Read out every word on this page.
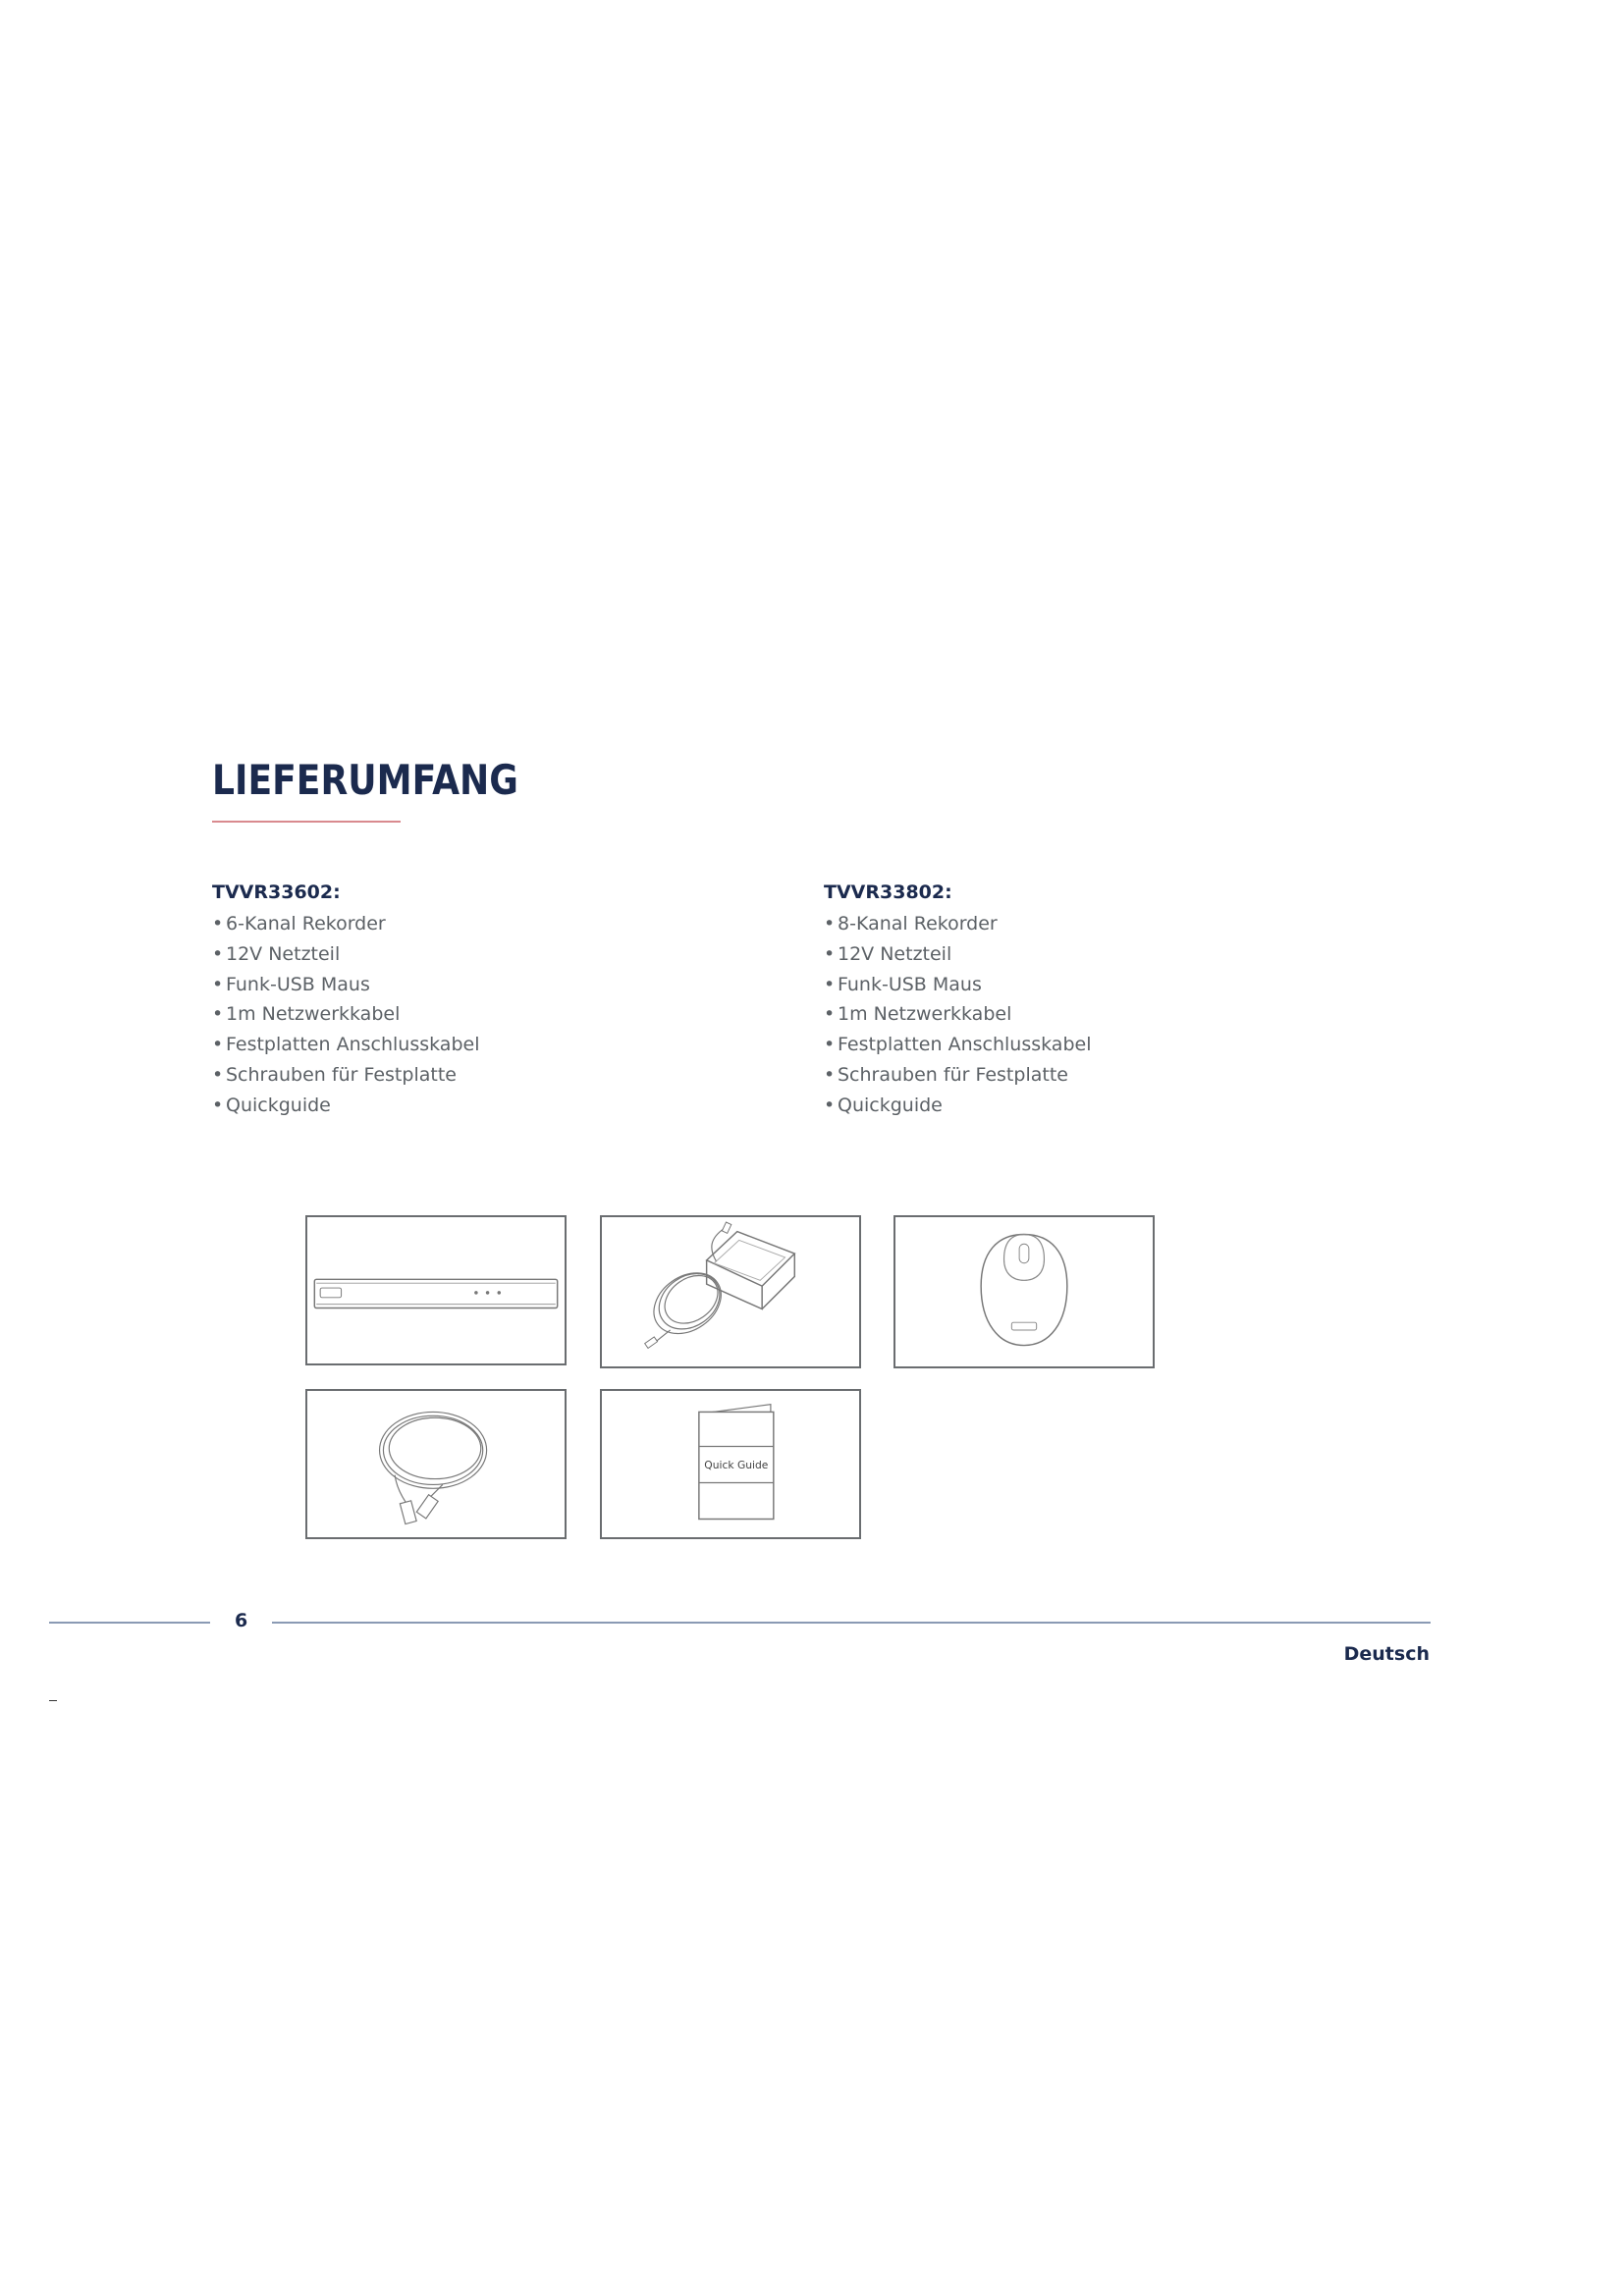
LIEFERUMFANG
TVVR33602:
• 6-Kanal Rekorder
• 12V Netzteil
• Funk-USB Maus
• 1m Netzwerkkabel
• Festplatten Anschlusskabel
• Schrauben für Festplatte
• Quickguide
TVVR33802:
• 8-Kanal Rekorder
• 12V Netzteil
• Funk-USB Maus
• 1m Netzwerkkabel
• Festplatten Anschlusskabel
• Schrauben für Festplatte
• Quickguide
Quick Guide
6
Deutsch
